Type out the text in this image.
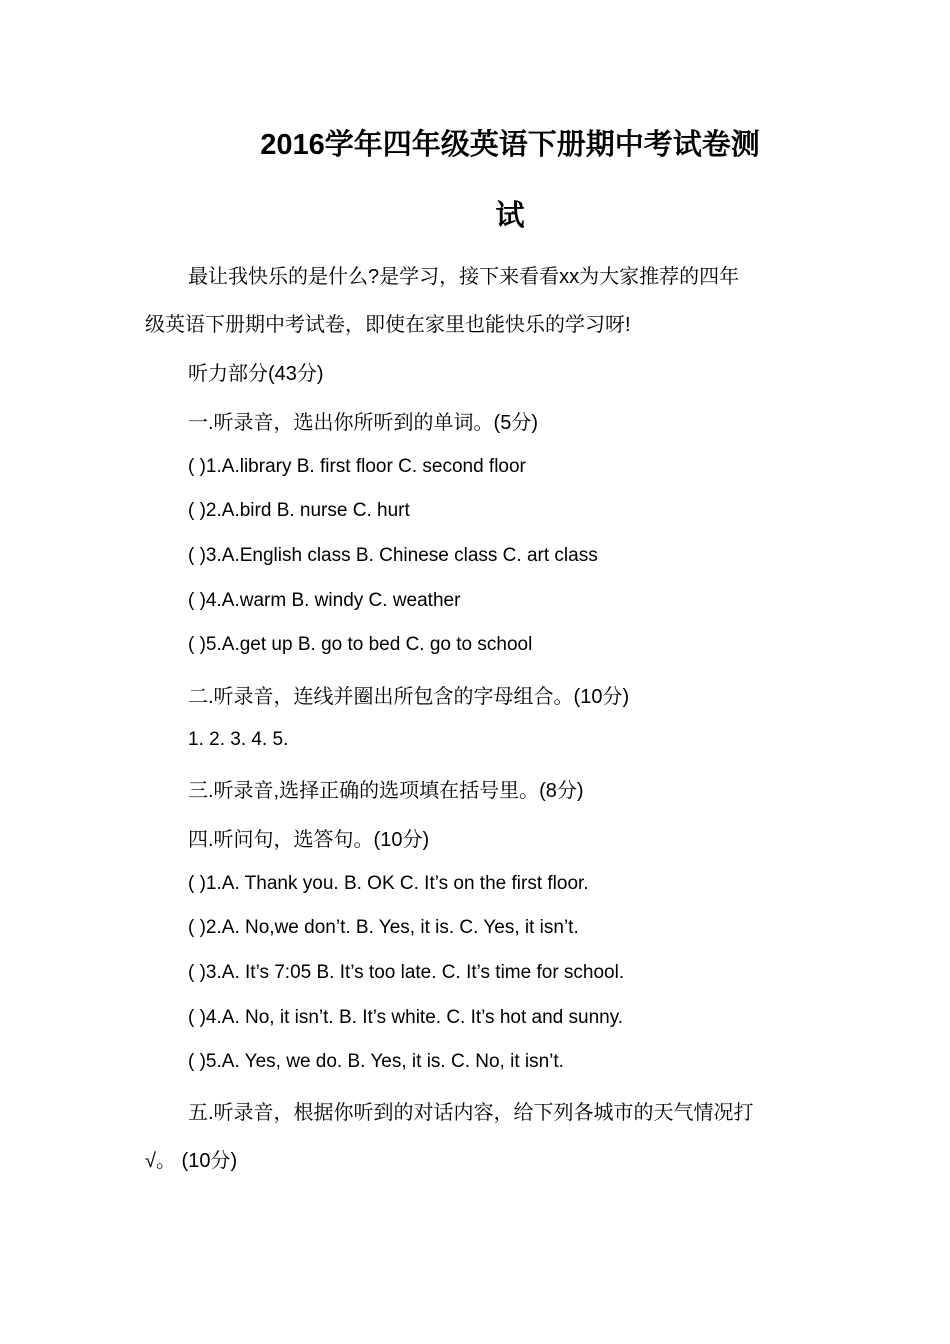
2016学年四年级英语下册期中考试卷测
试
最让我快乐的是什么?是学习，接下来看看xx为大家推荐的四年
级英语下册期中考试卷，即使在家里也能快乐的学习呀!
听力部分(43分)
一.听录音，选出你所听到的单词。(5分)
( )1.A.library B. first floor C. second floor
( )2.A.bird B. nurse C. hurt
( )3.A.English class B. Chinese class C. art class
( )4.A.warm B. windy C. weather
( )5.A.get up B. go to bed C. go to school
二.听录音，连线并圈出所包含的字母组合。(10分)
1. 2. 3. 4. 5.
三.听录音,选择正确的选项填在括号里。(8分)
四.听问句，选答句。(10分)
( )1.A. Thank you. B. OK C. It’s on the first floor.
( )2.A. No,we don’t. B. Yes, it is. C. Yes, it isn’t.
( )3.A. It’s 7:05 B. It’s too late. C. It’s time for school.
( )4.A. No, it isn’t. B. It’s white. C. It’s hot and sunny.
( )5.A. Yes, we do. B. Yes, it is. C. No, it isn’t.
五.听录音，根据你听到的对话内容，给下列各城市的天气情况打
√。 (10分)
